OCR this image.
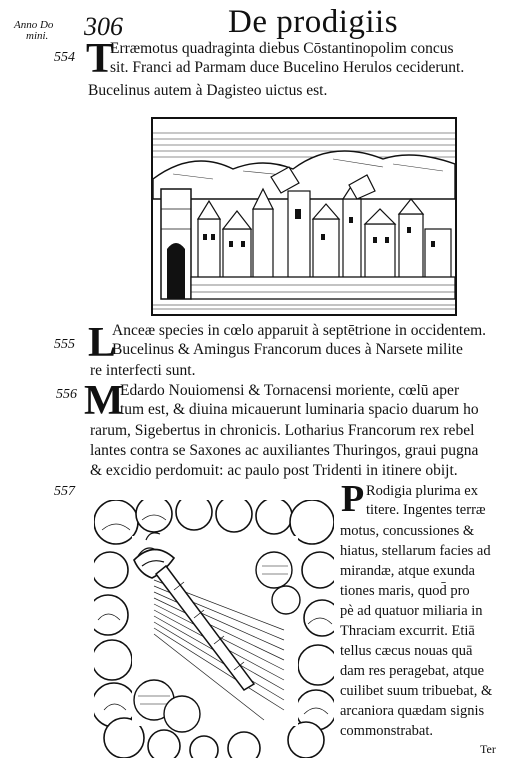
Anno Do
mini. 306	De prodigiis
554 T
Erræmotus quadraginta diebus Cōstantinopolim concus
sit. Franci ad Parmam duce Bucelino Herulos ceciderunt.
Bucelinus autem à Dagisteo uictus est.
555 L
Anceæ species in cœlo apparuit à septētrione in occidentem.
Bucelinus & Amingus Francorum duces à Narsete milite
re interfecti sunt.
556 M
Edardo Nouiomensi & Tornacensi moriente, cœlū aper
tum est, & diuina micauerunt luminaria spacio duarum ho
rarum, Sigebertus in chronicis. Lotharius Francorum rex rebel
lantes contra se Saxones ac auxiliantes Thuringos, graui pugna
& excidio perdomuit: ac paulo post Tridenti in itinere obijt.
557	P Rodigia plurima ex
titere. Ingentes terræ
motus, concussiones &
hiatus, stellarum facies ad
mirandæ, atque exunda
tiones maris, quod̄ pro
pè ad quatuor miliaria in
Thraciam excurrit. Etiā
tellus cæcus nouas quā
dam res peragebat, atque
cuilibet suum tribuebat, &
arcaniora quædam signis
commonstrabat.
Ter
